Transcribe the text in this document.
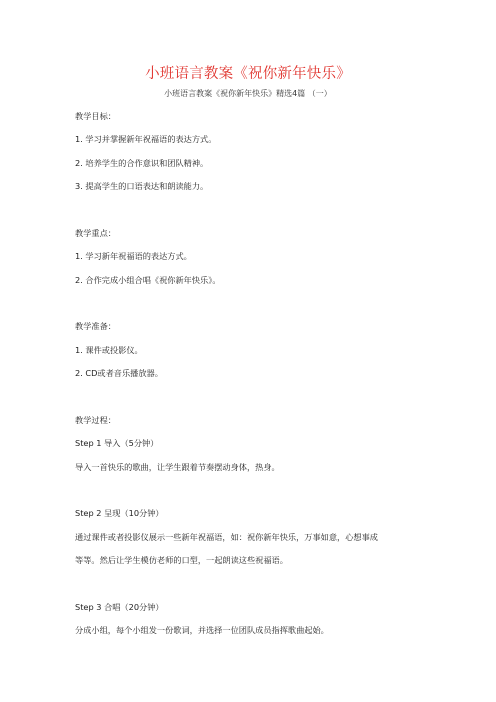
小班语言教案《祝你新年快乐》
小班语言教案《祝你新年快乐》精选4篇 （一）
教学目标：
1. 学习并掌握新年祝福语的表达方式。
2. 培养学生的合作意识和团队精神。
3. 提高学生的口语表达和朗读能力。
教学重点：
1. 学习新年祝福语的表达方式。
2. 合作完成小组合唱《祝你新年快乐》。
教学准备：
1. 课件或投影仪。
2. CD或者音乐播放器。
教学过程：
Step 1 导入（5分钟）
导入一首快乐的歌曲，让学生跟着节奏摆动身体，热身。
Step 2 呈现（10分钟）
通过课件或者投影仪展示一些新年祝福语，如：祝你新年快乐，万事如意，心想事成
等等。然后让学生模仿老师的口型，一起朗读这些祝福语。
Step 3 合唱（20分钟）
分成小组，每个小组发一份歌词，并选择一位团队成员指挥歌曲起始。
